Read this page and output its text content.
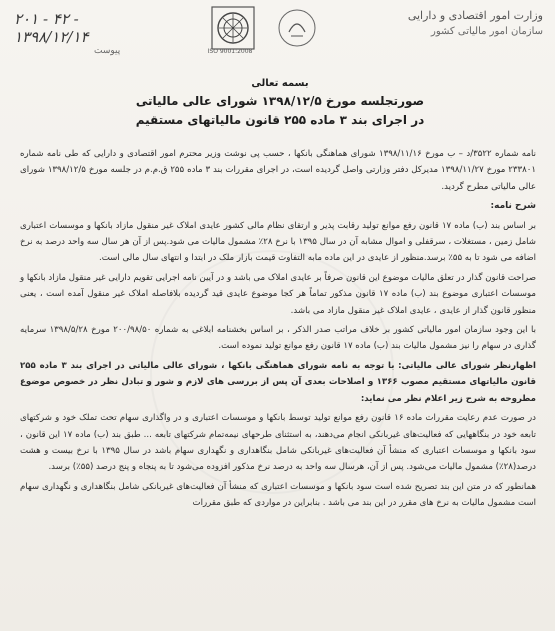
۲۰۱ - ۴۲ -
۱۳۹۸/۱۲/۱۴
پیوست
	ISO 9001:2008
وزارت امور اقتصادی و دارایی
سازمان امور مالیاتی کشور
بسمه تعالی
صورتجلسه مورخ ۱۳۹۸/۱۲/۵ شورای عالی مالیاتی
در اجرای بند ۳ ماده ۲۵۵ قانون مالیاتهای مستقیم

نامه شماره ۳۵۲۲/د – ب مورخ ۱۳۹۸/۱۱/۱۶ شورای هماهنگی بانکها ، حسب پی نوشت وزیر محترم امور اقتصادی و دارایی که طی نامه شماره ۲۳۳۸۰۱ مورخ ۱۳۹۸/۱۱/۲۷ مدیرکل دفتر وزارتی واصل گردیده است، در اجرای مقررات بند ۳ ماده ۲۵۵ ق.م.م در جلسه مورخ ۱۳۹۸/۱۲/۵ شورای عالی مالیاتی مطرح گردید.

شرح نامه:

بر اساس بند (ب) ماده ۱۷ قانون رفع موانع تولید رقابت پذیر و ارتقای نظام مالی کشور عایدی املاک غیر منقول مازاد بانکها و موسسات اعتباری شامل زمین ، مستغلات ، سرقفلی و اموال مشابه آن در سال ۱۳۹۵ با نرخ ۲۸٪ مشمول مالیات می شود.پس از آن هر سال سه واحد درصد به نرخ اضافه می شود تا به ۵۵٪ برسد.منظور از عایدی در این ماده مابه التفاوت قیمت بازار ملک در ابتدا و انتهای سال مالی است.

صراحت قانون گذار در تعلق مالیات موضوع این قانون صرفاً بر عایدی املاک می باشد و در آیین نامه اجرایی تقویم دارایی غیر منقول مازاد بانکها و موسسات اعتباری موضوع بند (ب) ماده ۱۷ قانون مذکور تماماً هر کجا موضوع عایدی قید گردیده بلافاصله املاک غیر منقول آمده است ، یعنی منظور قانون گذار از عایدی ، عایدی املاک غیر منقول مازاد می باشد.

با این وجود سازمان امور مالیاتی کشور بر خلاف مراتب صدر الذکر ، بر اساس بخشنامه ابلاغی به شماره ۲۰۰/۹۸/۵۰ مورخ ۱۳۹۸/۵/۲۸ سرمایه گذاری در سهام را نیز مشمول مالیات بند (ب) ماده ۱۷ قانون رفع موانع تولید نموده است.

اظهارنظر شورای عالی مالیاتی: با توجه به نامه شورای هماهنگی بانکها ، شورای عالی مالیاتی در اجرای بند ۳ ماده ۲۵۵ قانون مالیاتهای مستقیم مصوب ۱۳۶۶ و اصلاحات بعدی آن پس از بررسی های لازم و شور و تبادل نظر در خصوص موضوع مطروحه به شرح زیر اعلام نظر می نماید:

در صورت عدم رعایت مقررات ماده ۱۶ قانون رفع موانع تولید توسط بانکها و موسسات اعتباری و در واگذاری سهام تحت تملک خود و شرکتهای تابعه خود در بنگاههایی که فعالیت‌های غیربانکی انجام می‌دهند، به استثنای طرحهای نیمه‌تمام شرکتهای تابعه ... طبق بند (ب) ماده ۱۷ این قانون ، سود بانکها و موسسات اعتباری که منشأ آن فعالیت‌های غیربانکی شامل بنگاهداری و نگهداری سهام باشد در سال ۱۳۹۵ با نرخ بیست و هشت درصد(۲۸٪) مشمول مالیات می‌شود. پس از آن، هرسال سه واحد به درصد نرخ مذکور افزوده می‌شود تا به پنجاه و پنج درصد (۵۵٪) برسد.

همانطور که در متن این بند تصریح شده است سود بانکها و موسسات اعتباری که منشأ آن فعالیت‌های غیربانکی شامل بنگاهداری و نگهداری سهام است مشمول مالیات به نرخ های مقرر در این بند می باشد . بنابراین در مواردی که طبق مقررات
